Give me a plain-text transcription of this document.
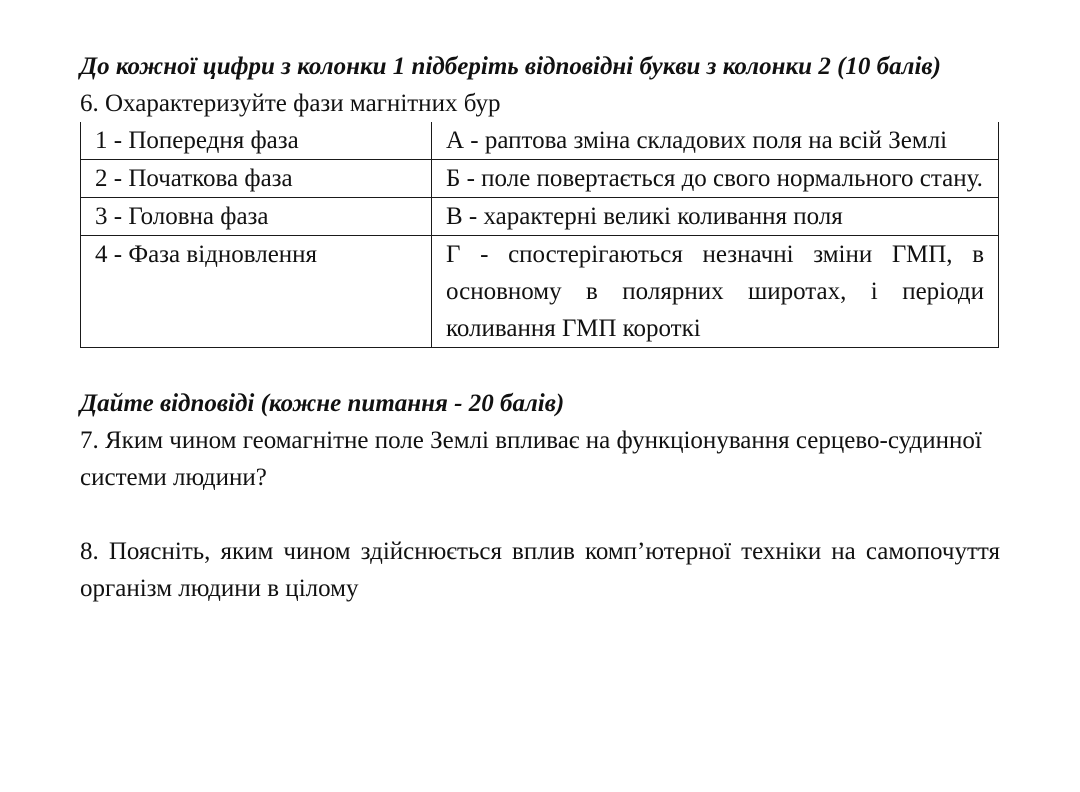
До кожної цифри з колонки 1 підберіть відповідні букви з колонки 2 (10 балів)

6. Охарактеризуйте фази магнітних бур

1 - Попередня фаза	А - раптова зміна складових поля на всій Землі
2 - Початкова фаза	Б - поле повертається до свого нормального стану.
3 - Головна фаза	В - характерні великі коливання поля
4 - Фаза відновлення	Г - спостерігаються незначні зміни ГМП, в основному в полярних широтах, і періоди коливання ГМП короткі

Дайте відповіді (кожне питання - 20 балів)

7. Яким чином геомагнітне поле Землі впливає на функціонування серцево-судинної системи людини?

8. Поясніть, яким чином здійснюється вплив комп’ютерної техніки на самопочуття організм людини в цілому
